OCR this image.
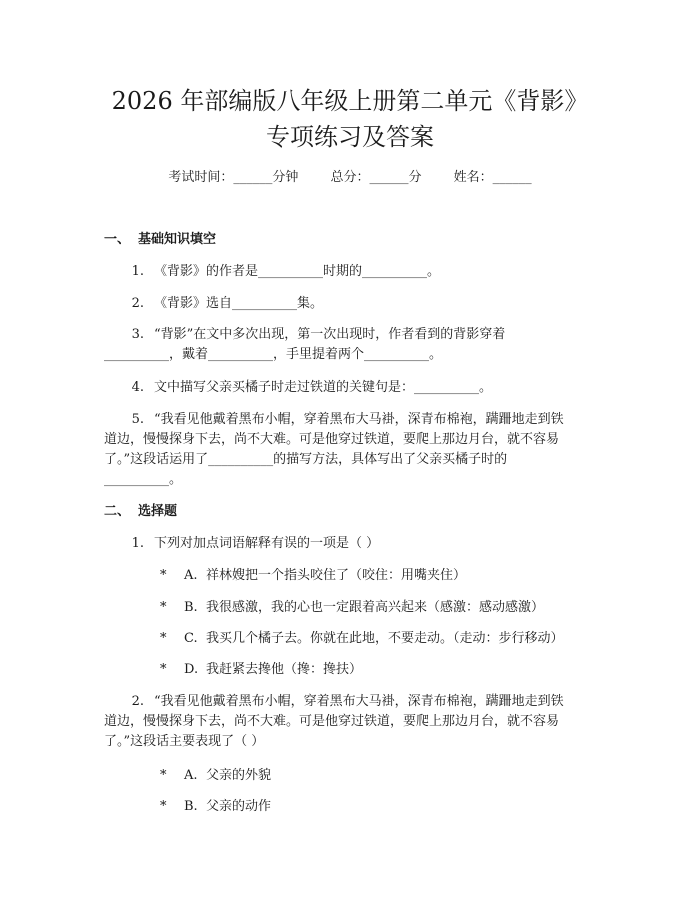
2026 年部编版八年级上册第二单元《背影》
专项练习及答案
考试时间：______分钟 总分：______分 姓名：______
一、 基础知识填空
1. 《背影》的作者是__________时期的__________。
2. 《背影》选自__________集。
3. “背影”在文中多次出现，第一次出现时，作者看到的背影穿着
__________，戴着__________，手里提着两个__________。
4. 文中描写父亲买橘子时走过铁道的关键句是：__________。
5. “我看见他戴着黑布小帽，穿着黑布大马褂，深青布棉袍，蹒跚地走到铁
道边，慢慢探身下去，尚不大难。可是他穿过铁道，要爬上那边月台，就不容易
了。”这段话运用了__________的描写方法，具体写出了父亲买橘子时的
__________。
二、 选择题
1. 下列对加点词语解释有误的一项是（ ）
* A. 祥林嫂把一个指头咬住了（咬住：用嘴夹住）
* B. 我很感激，我的心也一定跟着高兴起来（感激：感动感激）
* C. 我买几个橘子去。你就在此地，不要走动。（走动：步行移动）
* D. 我赶紧去搀他（搀：搀扶）
2. “我看见他戴着黑布小帽，穿着黑布大马褂，深青布棉袍，蹒跚地走到铁
道边，慢慢探身下去，尚不大难。可是他穿过铁道，要爬上那边月台，就不容易
了。”这段话主要表现了（ ）
* A. 父亲的外貌
* B. 父亲的动作
